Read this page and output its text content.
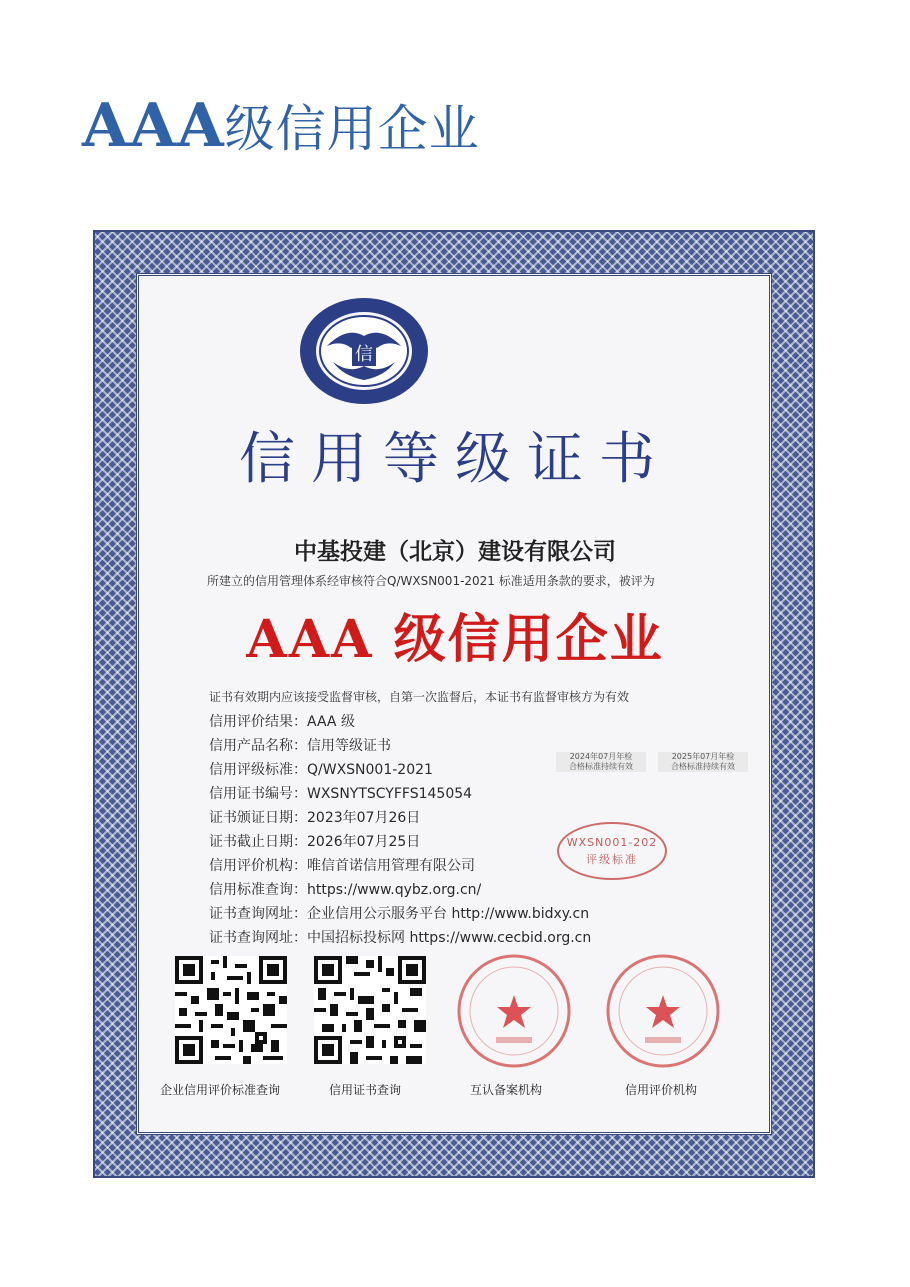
AAA级信用企业
信
信用等级证书
中基投建（北京）建设有限公司
所建立的信用管理体系经审核符合Q/WXSN001-2021 标准适用条款的要求，被评为
AAA 级信用企业
证书有效期内应该接受监督审核，自第一次监督后，本证书有监督审核方为有效
信用评价结果：AAA 级
信用产品名称：信用等级证书
信用评级标准：Q/WXSN001-2021
信用证书编号：WXSNYTSCYFFS145054
证书颁证日期：2023年07月26日
证书截止日期：2026年07月25日
信用评价机构：唯信首诺信用管理有限公司
信用标准查询：https://www.qybz.org.cn/
证书查询网址：企业信用公示服务平台 http://www.bidxy.cn
证书查询网址：中国招标投标网 https://www.cecbid.org.cn
2024年07月年检
合格标准持续有效
2025年07月年检
合格标准持续有效
WXSN001-202
评级标准
企业信用评价标准查询	信用证书查询	互认备案机构	信用评价机构
